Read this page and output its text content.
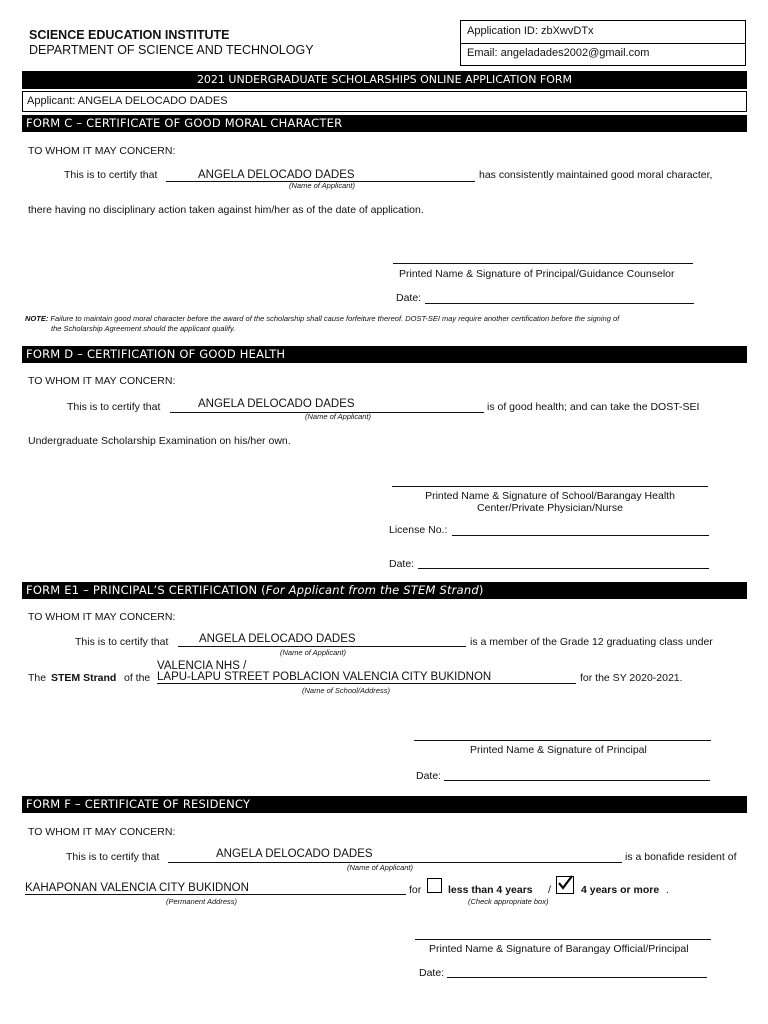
SCIENCE EDUCATION INSTITUTE
DEPARTMENT OF SCIENCE AND TECHNOLOGY
Application ID: zbXwvDTx
Email: angeladades2002@gmail.com
2021 UNDERGRADUATE SCHOLARSHIPS ONLINE APPLICATION FORM
Applicant: ANGELA DELOCADO DADES
FORM C – CERTIFICATE OF GOOD MORAL CHARACTER
TO WHOM IT MAY CONCERN:
This is to certify that	ANGELA DELOCADO DADES
(Name of Applicant)
has consistently maintained good moral character,
there having no disciplinary action taken against him/her as of the date of application.
Printed Name & Signature of Principal/Guidance Counselor
Date:
NOTE: Failure to maintain good moral character before the award of the scholarship shall cause forfeiture thereof. DOST-SEI may require another certification before the signing of
the Scholarship Agreement should the applicant qualify.
FORM D – CERTIFICATION OF GOOD HEALTH
TO WHOM IT MAY CONCERN:
This is to certify that	ANGELA DELOCADO DADES
(Name of Applicant)
is of good health; and can take the DOST-SEI
Undergraduate Scholarship Examination on his/her own.
Printed Name & Signature of School/Barangay Health
Center/Private Physician/Nurse
License No.:
Date:
FORM E1 – PRINCIPAL’S CERTIFICATION (For Applicant from the STEM Strand)
TO WHOM IT MAY CONCERN:
This is to certify that	ANGELA DELOCADO DADES
(Name of Applicant)
is a member of the Grade 12 graduating class under
The STEM Strand of the
VALENCIA NHS /
LAPU-LAPU STREET POBLACION VALENCIA CITY BUKIDNON
(Name of School/Address)
for the SY 2020-2021.
Printed Name & Signature of Principal
Date:
FORM F – CERTIFICATE OF RESIDENCY
TO WHOM IT MAY CONCERN:
This is to certify that	ANGELA DELOCADO DADES
(Name of Applicant)
is a bonafide resident of
KAHAPONAN VALENCIA CITY BUKIDNON
(Permanent Address)
for	less than 4 years /	4 years or more .
(Check appropriate box)
Printed Name & Signature of Barangay Official/Principal
Date:
